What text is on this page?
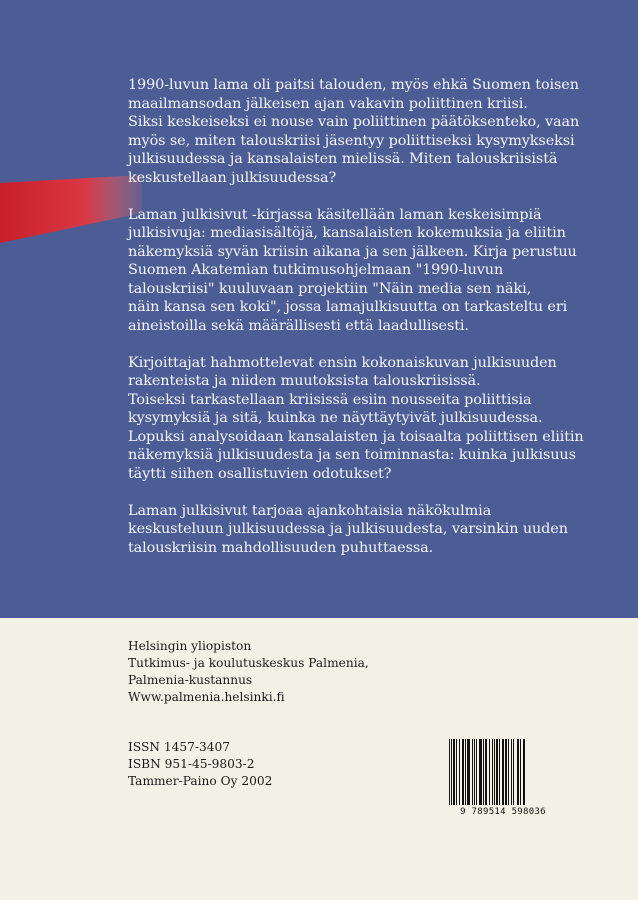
1990-luvun lama oli paitsi talouden, myös ehkä Suomen toisen
maailmansodan jälkeisen ajan vakavin poliittinen kriisi.
Siksi keskeiseksi ei nouse vain poliittinen päätöksenteko, vaan
myös se, miten talouskriisi jäsentyy poliittiseksi kysymykseksi
julkisuudessa ja kansalaisten mielissä. Miten talouskriisistä
keskustellaan julkisuudessa?

Laman julkisivut -kirjassa käsitellään laman keskeisimpiä
julkisivuja: mediasisältöjä, kansalaisten kokemuksia ja eliitin
näkemyksiä syvän kriisin aikana ja sen jälkeen. Kirja perustuu
Suomen Akatemian tutkimusohjelmaan "1990-luvun
talouskriisi" kuuluvaan projektiin "Näin media sen näki,
näin kansa sen koki", jossa lamajulkisuutta on tarkasteltu eri
aineistoilla sekä määrällisesti että laadullisesti.

Kirjoittajat hahmottelevat ensin kokonaiskuvan julkisuuden
rakenteista ja niiden muutoksista talouskriisissä.
Toiseksi tarkastellaan kriisissä esiin nousseita poliittisia
kysymyksiä ja sitä, kuinka ne näyttäytyivät julkisuudessa.
Lopuksi analysoidaan kansalaisten ja toisaalta poliittisen eliitin
näkemyksiä julkisuudesta ja sen toiminnasta: kuinka julkisuus
täytti siihen osallistuvien odotukset?

Laman julkisivut tarjoaa ajankohtaisia näkökulmia
keskusteluun julkisuudessa ja julkisuudesta, varsinkin uuden
talouskriisin mahdollisuuden puhuttaessa.

Helsingin yliopiston
Tutkimus- ja koulutuskeskus Palmenia,
Palmenia-kustannus
Www.palmenia.helsinki.fi
ISSN 1457-3407
ISBN 951-45-9803-2
Tammer-Paino Oy 2002
9 789514 598036
